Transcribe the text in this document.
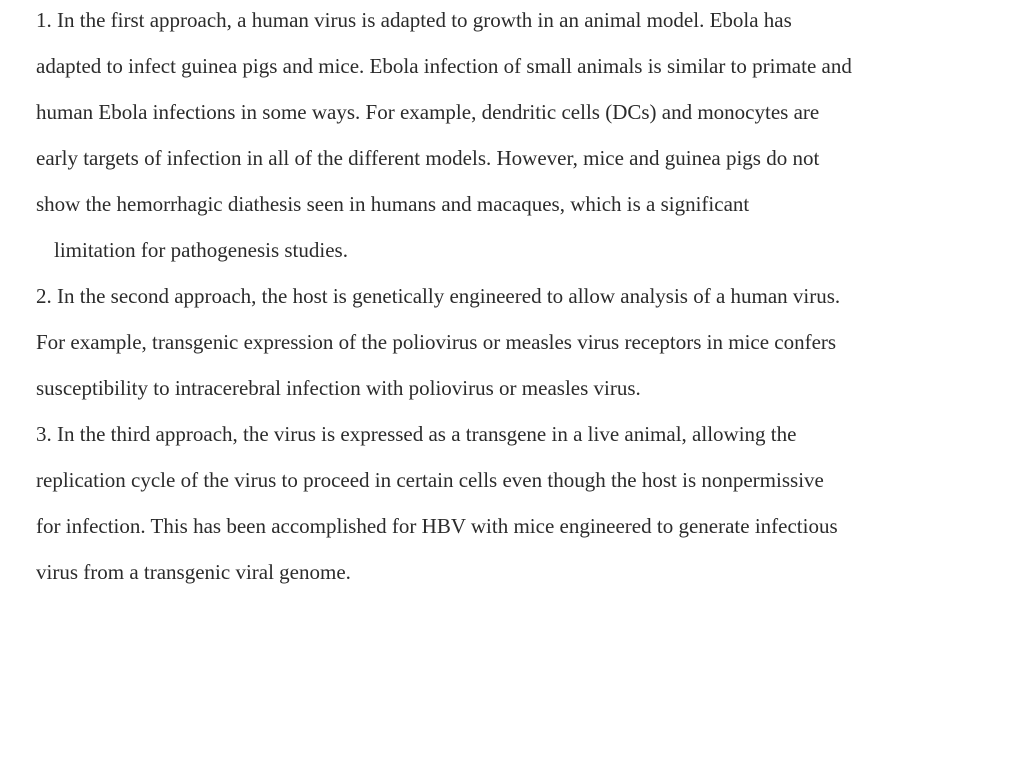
1. In the first approach, a human virus is adapted to growth in an animal model. Ebola has
adapted to infect guinea pigs and mice. Ebola infection of small animals is similar to primate and
human Ebola infections in some ways. For example, dendritic cells (DCs) and monocytes are
early targets of infection in all of the different models. However, mice and guinea pigs do not
show the hemorrhagic diathesis seen in humans and macaques, which is a significant
limitation for pathogenesis studies.
2. In the second approach, the host is genetically engineered to allow analysis of a human virus.
For example, transgenic expression of the poliovirus or measles virus receptors in mice confers
susceptibility to intracerebral infection with poliovirus or measles virus.
3. In the third approach, the virus is expressed as a transgene in a live animal, allowing the
replication cycle of the virus to proceed in certain cells even though the host is nonpermissive
for infection. This has been accomplished for HBV with mice engineered to generate infectious
virus from a transgenic viral genome.
